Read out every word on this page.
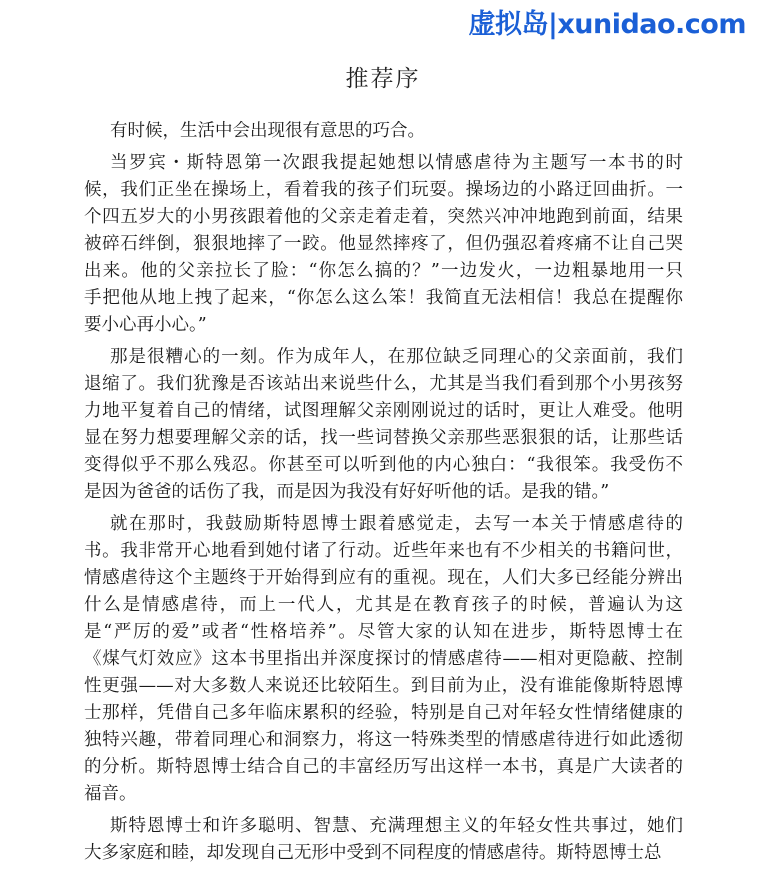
推荐序
有时候，生活中会出现很有意思的巧合。
当罗宾・斯特恩第一次跟我提起她想以情感虐待为主题写一本书的时
候，我们正坐在操场上，看着我的孩子们玩耍。操场边的小路迂回曲折。一
个四五岁大的小男孩跟着他的父亲走着走着，突然兴冲冲地跑到前面，结果
被碎石绊倒，狠狠地摔了一跤。他显然摔疼了，但仍强忍着疼痛不让自己哭
出来。他的父亲拉长了脸：“你怎么搞的？”一边发火，一边粗暴地用一只
手把他从地上拽了起来，“你怎么这么笨！我简直无法相信！我总在提醒你
要小心再小心。”
那是很糟心的一刻。作为成年人，在那位缺乏同理心的父亲面前，我们
退缩了。我们犹豫是否该站出来说些什么，尤其是当我们看到那个小男孩努
力地平复着自己的情绪，试图理解父亲刚刚说过的话时，更让人难受。他明
显在努力想要理解父亲的话，找一些词替换父亲那些恶狠狠的话，让那些话
变得似乎不那么残忍。你甚至可以听到他的内心独白：“我很笨。我受伤不
是因为爸爸的话伤了我，而是因为我没有好好听他的话。是我的错。”
就在那时，我鼓励斯特恩博士跟着感觉走，去写一本关于情感虐待的
书。我非常开心地看到她付诸了行动。近些年来也有不少相关的书籍问世，
情感虐待这个主题终于开始得到应有的重视。现在，人们大多已经能分辨出
什么是情感虐待，而上一代人，尤其是在教育孩子的时候，普遍认为这
是“严厉的爱”或者“性格培养”。尽管大家的认知在进步，斯特恩博士在
《煤气灯效应》这本书里指出并深度探讨的情感虐待——相对更隐蔽、控制
性更强——对大多数人来说还比较陌生。到目前为止，没有谁能像斯特恩博
士那样，凭借自己多年临床累积的经验，特别是自己对年轻女性情绪健康的
独特兴趣，带着同理心和洞察力，将这一特殊类型的情感虐待进行如此透彻
的分析。斯特恩博士结合自己的丰富经历写出这样一本书，真是广大读者的
福音。
斯特恩博士和许多聪明、智慧、充满理想主义的年轻女性共事过，她们
大多家庭和睦，却发现自己无形中受到不同程度的情感虐待。斯特恩博士总
虚拟岛|xunidao.com
